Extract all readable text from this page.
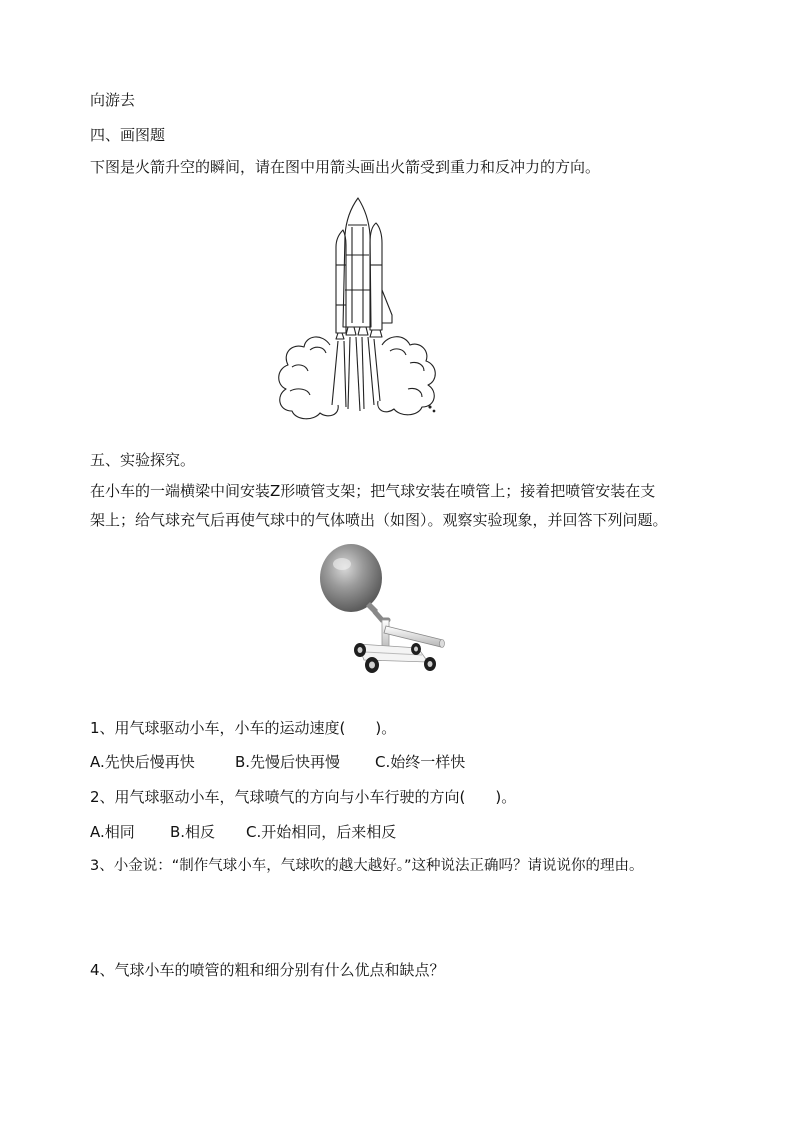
向游去
四、画图题
下图是火箭升空的瞬间，请在图中用箭头画出火箭受到重力和反冲力的方向。
五、实验探究。
在小车的一端横梁中间安装Z形喷管支架；把气球安装在喷管上；接着把喷管安装在支
架上；给气球充气后再使气球中的气体喷出（如图）。观察实验现象，并回答下列问题。
1、用气球驱动小车，小车的运动速度(　　)。
A.先快后慢再快	B.先慢后快再慢 C.始终一样快
2、用气球驱动小车，气球喷气的方向与小车行驶的方向(　　)。
A.相同 B.相反 C.开始相同，后来相反
3、小金说：“制作气球小车，气球吹的越大越好。”这种说法正确吗？请说说你的理由。
4、气球小车的喷管的粗和细分别有什么优点和缺点？
